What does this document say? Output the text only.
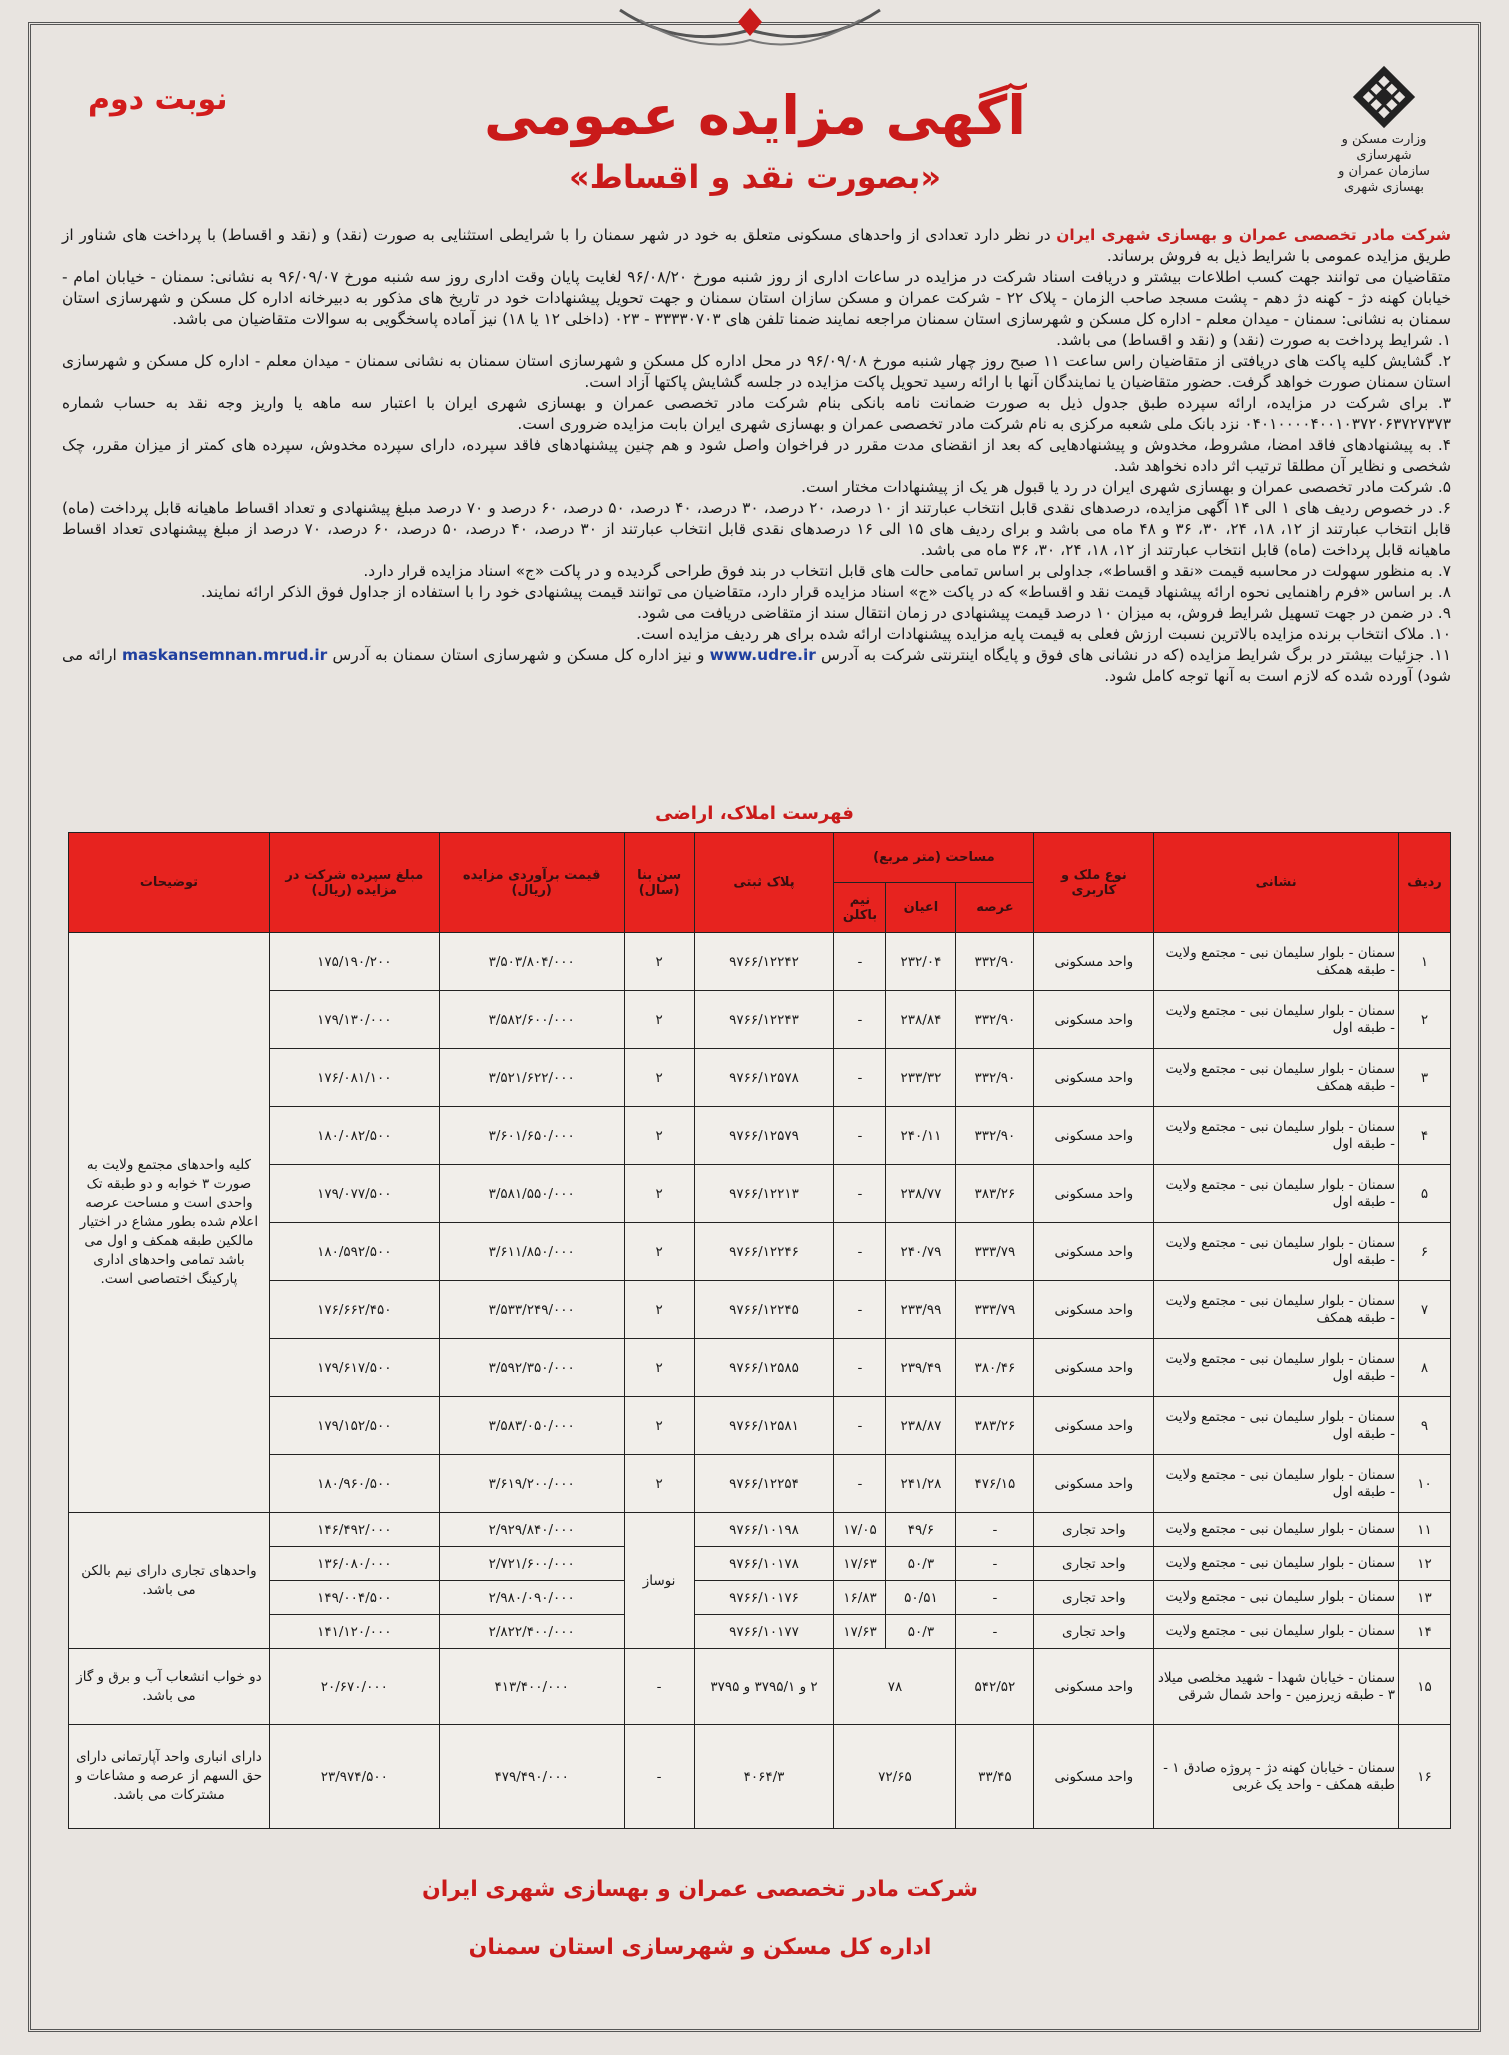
وزارت مسکن و شهرسازی
سازمان عمران و بهسازی شهری
نوبت دوم	آگهی مزایده عمومی
«بصورت نقد و اقساط»

شرکت مادر تخصصی عمران و بهسازی شهری ایران در نظر دارد تعدادی از واحدهای مسکونی متعلق به خود در شهر سمنان را با شرایطی استثنایی به صورت (نقد) و (نقد و اقساط) با پرداخت های شناور از طریق مزایده عمومی با شرایط ذیل به فروش برساند.

متقاضیان می توانند جهت کسب اطلاعات بیشتر و دریافت اسناد شرکت در مزایده در ساعات اداری از روز شنبه مورخ ۹۶/۰۸/۲۰ لغایت پایان وقت اداری روز سه شنبه مورخ ۹۶/۰۹/۰۷ به نشانی: سمنان - خیابان امام - خیابان کهنه دژ - کهنه دژ دهم - پشت مسجد صاحب الزمان - پلاک ۲۲ - شرکت عمران و مسکن سازان استان سمنان و جهت تحویل پیشنهادات خود در تاریخ های مذکور به دبیرخانه اداره کل مسکن و شهرسازی استان سمنان به نشانی: سمنان - میدان معلم - اداره کل مسکن و شهرسازی استان سمنان مراجعه نمایند ضمنا تلفن های ۳۳۳۳۰۷۰۳ - ۰۲۳ (داخلی ۱۲ یا ۱۸) نیز آماده پاسخگویی به سوالات متقاضیان می باشد.

۱. شرایط پرداخت به صورت (نقد) و (نقد و اقساط) می باشد.

۲. گشایش کلیه پاکت های دریافتی از متقاضیان راس ساعت ۱۱ صبح روز چهار شنبه مورخ ۹۶/۰۹/۰۸ در محل اداره کل مسکن و شهرسازی استان سمنان به نشانی سمنان - میدان معلم - اداره کل مسکن و شهرسازی استان سمنان صورت خواهد گرفت. حضور متقاضیان یا نمایندگان آنها با ارائه رسید تحویل پاکت مزایده در جلسه گشایش پاکتها آزاد است.

۳. برای شرکت در مزایده، ارائه سپرده طبق جدول ذیل به صورت ضمانت نامه بانکی بنام شرکت مادر تخصصی عمران و بهسازی شهری ایران با اعتبار سه ماهه یا واریز وجه نقد به حساب شماره ۰۴۰۱۰۰۰۰۴۰۰۱۰۳۷۲۰۶۳۷۲۷۳۷۳ نزد بانک ملی شعبه مرکزی به نام شرکت مادر تخصصی عمران و بهسازی شهری ایران بابت مزایده ضروری است.

۴. به پیشنهادهای فاقد امضا، مشروط، مخدوش و پیشنهادهایی که بعد از انقضای مدت مقرر در فراخوان واصل شود و هم چنین پیشنهادهای فاقد سپرده، دارای سپرده مخدوش، سپرده های کمتر از میزان مقرر، چک شخصی و نظایر آن مطلقا ترتیب اثر داده نخواهد شد.

۵. شرکت مادر تخصصی عمران و بهسازی شهری ایران در رد یا قبول هر یک از پیشنهادات مختار است.

۶. در خصوص ردیف های ۱ الی ۱۴ آگهی مزایده، درصدهای نقدی قابل انتخاب عبارتند از ۱۰ درصد، ۲۰ درصد، ۳۰ درصد، ۴۰ درصد، ۵۰ درصد، ۶۰ درصد و ۷۰ درصد مبلغ پیشنهادی و تعداد اقساط ماهیانه قابل پرداخت (ماه) قابل انتخاب عبارتند از ۱۲، ۱۸، ۲۴، ۳۰، ۳۶ و ۴۸ ماه می باشد و برای ردیف های ۱۵ الی ۱۶ درصدهای نقدی قابل انتخاب عبارتند از ۳۰ درصد، ۴۰ درصد، ۵۰ درصد، ۶۰ درصد، ۷۰ درصد از مبلغ پیشنهادی تعداد اقساط ماهیانه قابل پرداخت (ماه) قابل انتخاب عبارتند از ۱۲، ۱۸، ۲۴، ۳۰، ۳۶ ماه می باشد.

۷. به منظور سهولت در محاسبه قیمت «نقد و اقساط»، جداولی بر اساس تمامی حالت های قابل انتخاب در بند فوق طراحی گردیده و در پاکت «ج» اسناد مزایده قرار دارد.

۸. بر اساس «فرم راهنمایی نحوه ارائه پیشنهاد قیمت نقد و اقساط» که در پاکت «ج» اسناد مزایده قرار دارد، متقاضیان می توانند قیمت پیشنهادی خود را با استفاده از جداول فوق الذکر ارائه نمایند.

۹. در ضمن در جهت تسهیل شرایط فروش، به میزان ۱۰ درصد قیمت پیشنهادی در زمان انتقال سند از متقاضی دریافت می شود.

۱۰. ملاک انتخاب برنده مزایده بالاترین نسبت ارزش فعلی به قیمت پایه مزایده پیشنهادات ارائه شده برای هر ردیف مزایده است.

۱۱. جزئیات بیشتر در برگ شرایط مزایده (که در نشانی های فوق و پایگاه اینترنتی شرکت به آدرس www.udre.ir و نیز اداره کل مسکن و شهرسازی استان سمنان به آدرس maskansemnan.mrud.ir ارائه می شود) آورده شده که لازم است به آنها توجه کامل شود.

فهرست املاک، اراضی
ردیف	نشانی	نوع ملک و کاربری	مساحت (متر مربع)			پلاک ثبتی	سن بنا (سال)	قیمت برآوردی مزایده (ریال)	مبلغ سپرده شرکت در مزایده (ریال)	توضیحات
			عرصه	اعیان	نیم باکلن					
۱	سمنان - بلوار سلیمان نبی - مجتمع ولایت - طبقه همکف	واحد مسکونی	۳۳۲/۹۰	۲۳۲/۰۴	-	۹۷۶۶/۱۲۲۴۲	۲	۳/۵۰۳/۸۰۴/۰۰۰	۱۷۵/۱۹۰/۲۰۰	کلیه واحدهای مجتمع ولایت به صورت ۳ خوابه و دو طبقه تک واحدی است و مساحت عرصه اعلام شده بطور مشاع در اختیار مالکین طبقه همکف و اول می باشد تمامی واحدهای اداری پارکینگ اختصاصی است.
۲	سمنان - بلوار سلیمان نبی - مجتمع ولایت - طبقه اول	واحد مسکونی	۳۳۲/۹۰	۲۳۸/۸۴	-	۹۷۶۶/۱۲۲۴۳	۲	۳/۵۸۲/۶۰۰/۰۰۰	۱۷۹/۱۳۰/۰۰۰	
۳	سمنان - بلوار سلیمان نبی - مجتمع ولایت - طبقه همکف	واحد مسکونی	۳۳۲/۹۰	۲۳۳/۳۲	-	۹۷۶۶/۱۲۵۷۸	۲	۳/۵۲۱/۶۲۲/۰۰۰	۱۷۶/۰۸۱/۱۰۰	
۴	سمنان - بلوار سلیمان نبی - مجتمع ولایت - طبقه اول	واحد مسکونی	۳۳۲/۹۰	۲۴۰/۱۱	-	۹۷۶۶/۱۲۵۷۹	۲	۳/۶۰۱/۶۵۰/۰۰۰	۱۸۰/۰۸۲/۵۰۰	
۵	سمنان - بلوار سلیمان نبی - مجتمع ولایت - طبقه اول	واحد مسکونی	۳۸۳/۲۶	۲۳۸/۷۷	-	۹۷۶۶/۱۲۲۱۳	۲	۳/۵۸۱/۵۵۰/۰۰۰	۱۷۹/۰۷۷/۵۰۰	
۶	سمنان - بلوار سلیمان نبی - مجتمع ولایت - طبقه اول	واحد مسکونی	۳۳۳/۷۹	۲۴۰/۷۹	-	۹۷۶۶/۱۲۲۴۶	۲	۳/۶۱۱/۸۵۰/۰۰۰	۱۸۰/۵۹۲/۵۰۰	
۷	سمنان - بلوار سلیمان نبی - مجتمع ولایت - طبقه همکف	واحد مسکونی	۳۳۳/۷۹	۲۳۳/۹۹	-	۹۷۶۶/۱۲۲۴۵	۲	۳/۵۳۳/۲۴۹/۰۰۰	۱۷۶/۶۶۲/۴۵۰	
۸	سمنان - بلوار سلیمان نبی - مجتمع ولایت - طبقه اول	واحد مسکونی	۳۸۰/۴۶	۲۳۹/۴۹	-	۹۷۶۶/۱۲۵۸۵	۲	۳/۵۹۲/۳۵۰/۰۰۰	۱۷۹/۶۱۷/۵۰۰	
۹	سمنان - بلوار سلیمان نبی - مجتمع ولایت - طبقه اول	واحد مسکونی	۳۸۳/۲۶	۲۳۸/۸۷	-	۹۷۶۶/۱۲۵۸۱	۲	۳/۵۸۳/۰۵۰/۰۰۰	۱۷۹/۱۵۲/۵۰۰	
۱۰	سمنان - بلوار سلیمان نبی - مجتمع ولایت - طبقه اول	واحد مسکونی	۴۷۶/۱۵	۲۴۱/۲۸	-	۹۷۶۶/۱۲۲۵۴	۲	۳/۶۱۹/۲۰۰/۰۰۰	۱۸۰/۹۶۰/۵۰۰	
۱۱	سمنان - بلوار سلیمان نبی - مجتمع ولایت	واحد تجاری	-	۴۹/۶	۱۷/۰۵	۹۷۶۶/۱۰۱۹۸	نوساز	۲/۹۲۹/۸۴۰/۰۰۰	۱۴۶/۴۹۲/۰۰۰	واحدهای تجاری دارای نیم بالکن می باشد.
۱۲	سمنان - بلوار سلیمان نبی - مجتمع ولایت	واحد تجاری	-	۵۰/۳	۱۷/۶۳	۹۷۶۶/۱۰۱۷۸		۲/۷۲۱/۶۰۰/۰۰۰	۱۳۶/۰۸۰/۰۰۰	
۱۳	سمنان - بلوار سلیمان نبی - مجتمع ولایت	واحد تجاری	-	۵۰/۵۱	۱۶/۸۳	۹۷۶۶/۱۰۱۷۶		۲/۹۸۰/۰۹۰/۰۰۰	۱۴۹/۰۰۴/۵۰۰	
۱۴	سمنان - بلوار سلیمان نبی - مجتمع ولایت	واحد تجاری	-	۵۰/۳	۱۷/۶۳	۹۷۶۶/۱۰۱۷۷		۲/۸۲۲/۴۰۰/۰۰۰	۱۴۱/۱۲۰/۰۰۰	
۱۵	سمنان - خیابان شهدا - شهید مخلصی میلاد ۳ - طبقه زیرزمین - واحد شمال شرقی	واحد مسکونی	۵۴۲/۵۲	۷۸		۲ و ۳۷۹۵/۱ و ۳۷۹۵	-	۴۱۳/۴۰۰/۰۰۰	۲۰/۶۷۰/۰۰۰	دو خواب انشعاب آب و برق و گاز می باشد.
۱۶	سمنان - خیابان کهنه دژ - پروژه صادق ۱ - طبقه همکف - واحد یک غربی	واحد مسکونی	۳۳/۴۵	۷۲/۶۵		۴۰۶۴/۳	-	۴۷۹/۴۹۰/۰۰۰	۲۳/۹۷۴/۵۰۰	دارای انباری واحد آپارتمانی دارای حق السهم از عرصه و مشاعات و مشترکات می باشد.
شرکت مادر تخصصی عمران و بهسازی شهری ایران
اداره کل مسکن و شهرسازی استان سمنان
